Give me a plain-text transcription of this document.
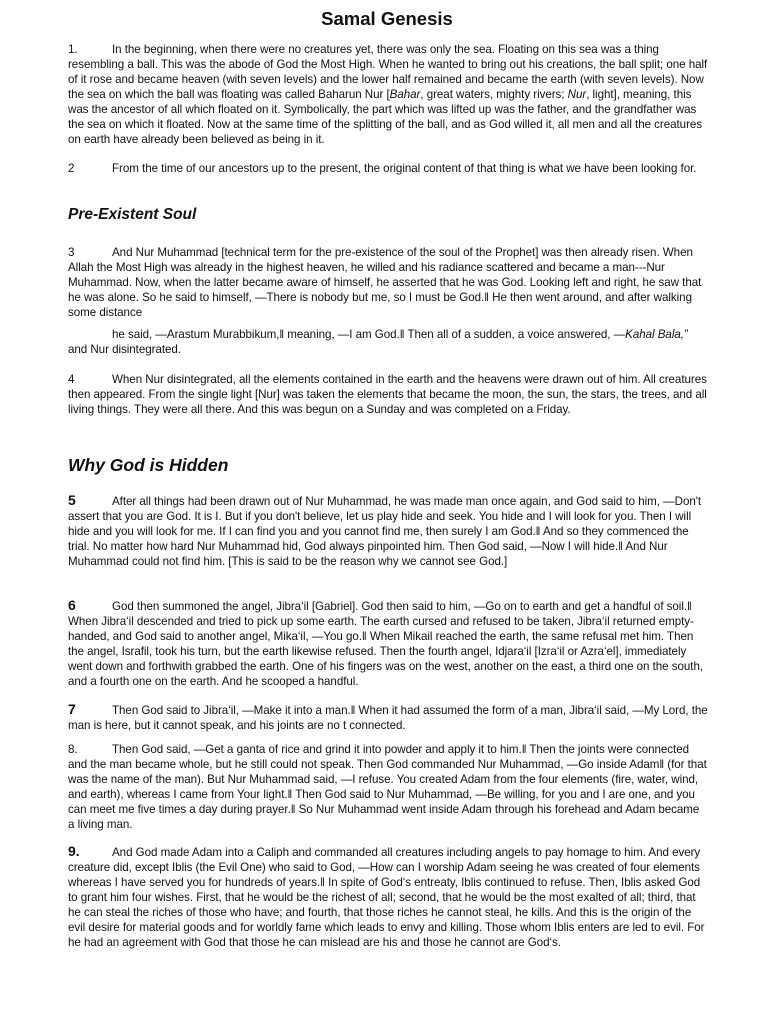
Samal Genesis

1.	In the beginning, when there were no creatures yet, there was only the sea. Floating on this sea was a thing resembling a ball. This was the abode of God the Most High. When he wanted to bring out his creations, the ball split; one half of it rose and became heaven (with seven levels) and the lower half remained and became the earth (with seven levels). Now the sea on which the ball was floating was called Baharun Nur [Bahar, great waters, mighty rivers; Nur, light], meaning, this was the ancestor of all which floated on it. Symbolically, the part which was lifted up was the father, and the grandfather was the sea on which it floated. Now at the same time of the splitting of the ball, and as God willed it, all men and all the creatures on earth have already been believed as being in it.

2	From the time of our ancestors up to the present, the original content of that thing is what we have been looking for.

Pre-Existent Soul

3	And Nur Muhammad [technical term for the pre-existence of the soul of the Prophet] was then already risen. When Allah the Most High was already in the highest heaven, he willed and his radiance scattered and became a man---Nur Muhammad. Now, when the latter became aware of himself, he asserted that he was God. Looking left and right, he saw that he was alone. So he said to himself, ―There is nobody but me, so I must be God.‖ He then went around, and after walking some distance

he said, ―Arastum Murabbikum,‖ meaning, ―I am God.‖ Then all of a sudden, a voice answered, ―Kahal Bala,” and Nur disintegrated.

4	When Nur disintegrated, all the elements contained in the earth and the heavens were drawn out of him. All creatures then appeared. From the single light [Nur] was taken the elements that became the moon, the sun, the stars, the trees, and all living things. They were all there. And this was begun on a Sunday and was completed on a Friday.

Why God is Hidden

5	After all things had been drawn out of Nur Muhammad, he was made man once again, and God said to him, ―Don't assert that you are God. It is I. But if you don't believe, let us play hide and seek. You hide and I will look for you. Then I will hide and you will look for me. If I can find you and you cannot find me, then surely I am God.‖ And so they commenced the trial. No matter how hard Nur Muhammad hid, God always pinpointed him. Then God said, ―Now I will hide.‖ And Nur Muhammad could not find him. [This is said to be the reason why we cannot see God.]

6	God then summoned the angel, Jibra‘il [Gabriel]. God then said to him, ―Go on to earth and get a handful of soil.‖ When Jibra‘il descended and tried to pick up some earth. The earth cursed and refused to be taken, Jibra‘il returned empty-handed, and God said to another angel, Mika‘il, ―You go.‖ When Mikail reached the earth, the same refusal met him. Then the angel, Israfil, took his turn, but the earth likewise refused. Then the fourth angel, Idjara‘il [Izra‘il or Azra‘el], immediately went down and forthwith grabbed the earth. One of his fingers was on the west, another on the east, a third one on the south, and a fourth one on the earth. And he scooped a handful.

7	Then God said to Jibra‘il, ―Make it into a man.‖ When it had assumed the form of a man, Jibra‘il said, ―My Lord, the man is here, but it cannot speak, and his joints are no t connected.

8.	Then God said, ―Get a ganta of rice and grind it into powder and apply it to him.‖ Then the joints were connected and the man became whole, but he still could not speak. Then God commanded Nur Muhammad, ―Go inside Adam‖ (for that was the name of the man). But Nur Muhammad said, ―I refuse. You created Adam from the four elements (fire, water, wind, and earth), whereas I came from Your light.‖ Then God said to Nur Muhammad, ―Be willing, for you and I are one, and you can meet me five times a day during prayer.‖ So Nur Muhammad went inside Adam through his forehead and Adam became a living man.

9.	And God made Adam into a Caliph and commanded all creatures including angels to pay homage to him. And every creature did, except Iblis (the Evil One) who said to God, ―How can I worship Adam seeing he was created of four elements whereas I have served you for hundreds of years.‖ In spite of God‘s entreaty, Iblis continued to refuse. Then, Iblis asked God to grant him four wishes. First, that he would be the richest of all; second, that he would be the most exalted of all; third, that he can steal the riches of those who have; and fourth, that those riches he cannot steal, he kills. And this is the origin of the evil desire for material goods and for worldly fame which leads to envy and killing. Those whom Iblis enters are led to evil. For he had an agreement with God that those he can mislead are his and those he cannot are God‘s.
